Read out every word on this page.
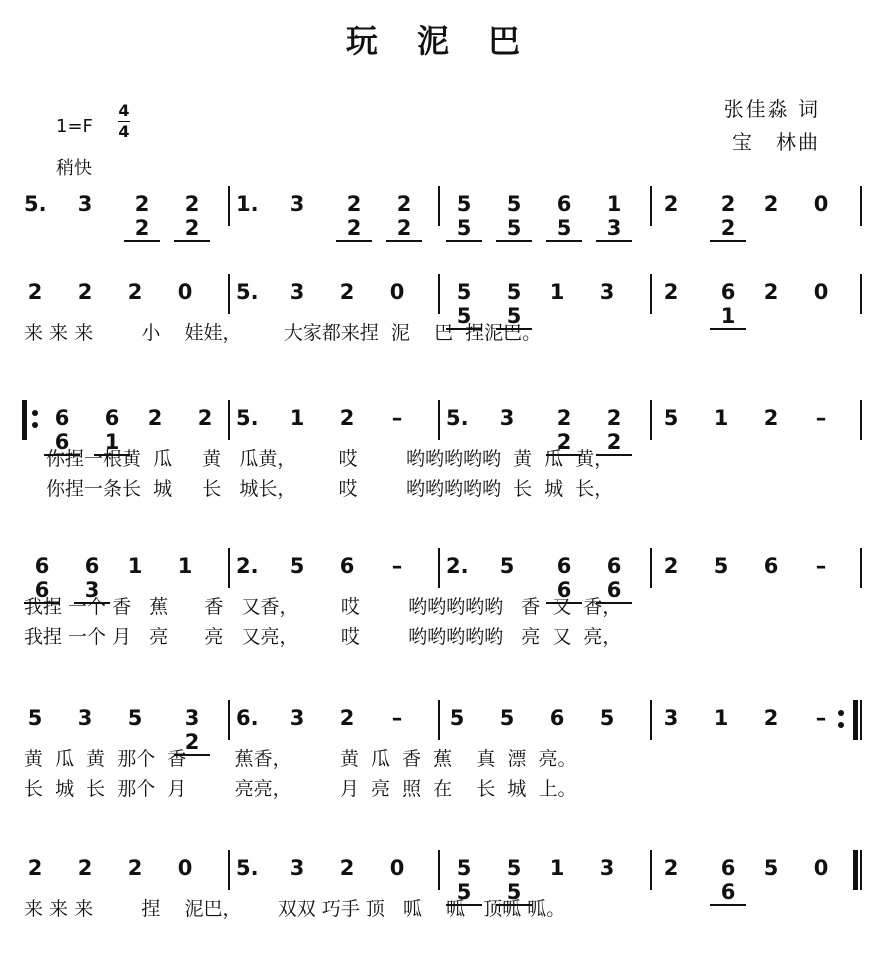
玩 泥 巴
1=F
4
4
稍快
张佳淼 词
宝　林曲
5. 3	2 2
2 2
1. 3	2 2
2 2
5 5
5 5
6 5
1 3
2	2 2
2 0
2 2 2 0 5. 3 2 0	5 5
5 5
1 3 2	6 1
2 0
来 来 来        小    娃娃，       大家都来捏  泥    巴  捏泥巴。
6 6
6 1
2 2 5. 1 2 – 5. 3	2 2
2 2
5 1 2 –
你捏一根黄  瓜     黄   瓜黄，       哎        哟哟哟哟哟  黄  瓜  黄，
你捏一条长  城     长   城长，       哎        哟哟哟哟哟  长  城  长，
6 6
6 3
1 1 2. 5 6 – 2. 5	6 6
6 6
2 5 6 –
我捏 一个 香   蕉      香   又香，       哎        哟哟哟哟哟   香  又  香，
我捏 一个 月   亮      亮   又亮，       哎        哟哟哟哟哟   亮  又  亮，
5 3 5	3 2
6. 3 2 – 5 5 6 5 3 1 2 –
黄  瓜  黄  那个  香        蕉香，        黄  瓜  香  蕉    真  漂  亮。
长  城  长  那个  月        亮亮，        月  亮  照  在    长  城  上。
2 2 2 0 5. 3 2 0	5 5
5 5
1 3 2	6 6
5 0
来 来 来        捏    泥巴，      双双 巧手 顶   呱    呱   顶呱 呱。
